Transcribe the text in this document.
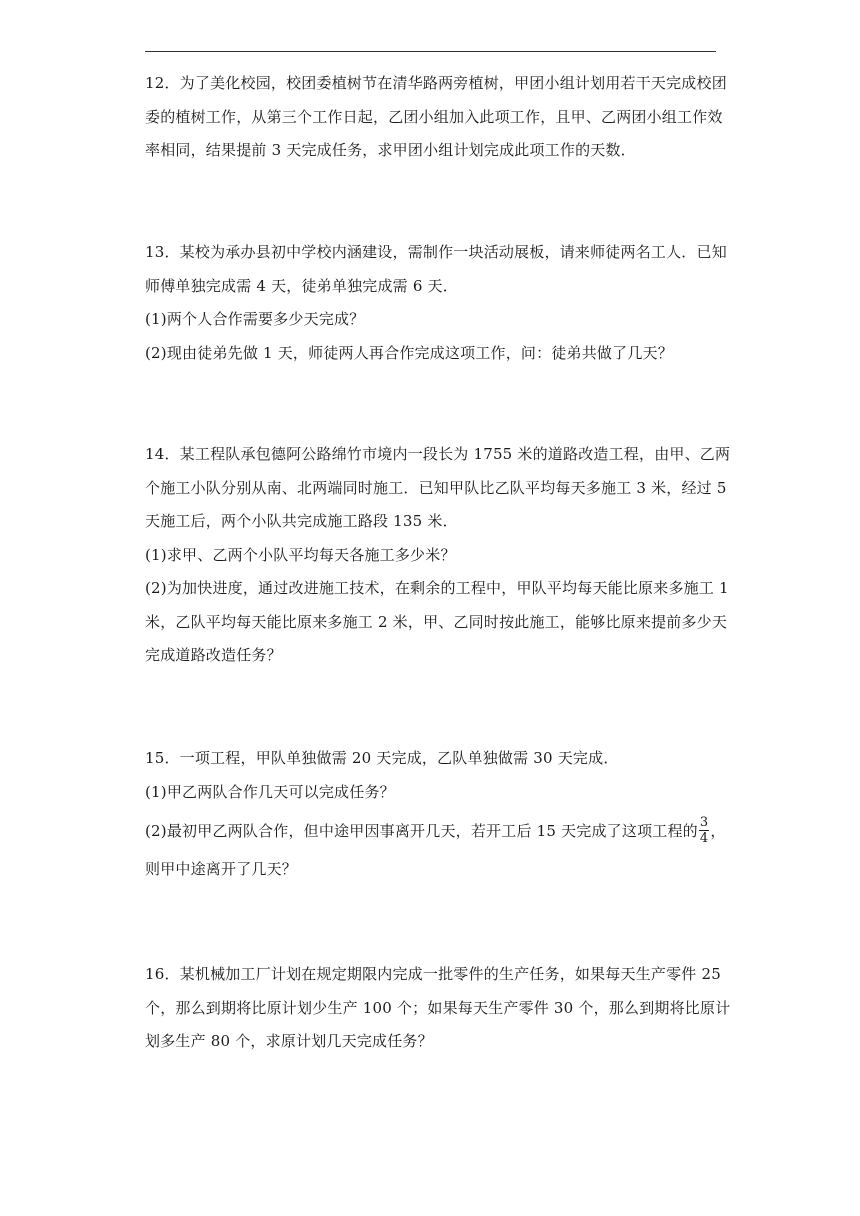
12．为了美化校园，校团委植树节在清华路两旁植树，甲团小组计划用若干天完成校团

委的植树工作，从第三个工作日起，乙团小组加入此项工作，且甲、乙两团小组工作效

率相同，结果提前 3 天完成任务，求甲团小组计划完成此项工作的天数．

13．某校为承办县初中学校内涵建设，需制作一块活动展板，请来师徒两名工人．已知

师傅单独完成需 4 天，徒弟单独完成需 6 天．

(1)两个人合作需要多少天完成？

(2)现由徒弟先做 1 天，师徒两人再合作完成这项工作，问：徒弟共做了几天？

14．某工程队承包德阿公路绵竹市境内一段长为 1755 米的道路改造工程，由甲、乙两

个施工小队分别从南、北两端同时施工．已知甲队比乙队平均每天多施工 3 米，经过 5

天施工后，两个小队共完成施工路段 135 米．

(1)求甲、乙两个小队平均每天各施工多少米？

(2)为加快进度，通过改进施工技术，在剩余的工程中，甲队平均每天能比原来多施工 1

米，乙队平均每天能比原来多施工 2 米，甲、乙同时按此施工，能够比原来提前多少天

完成道路改造任务？

15．一项工程，甲队单独做需 20 天完成，乙队单独做需 30 天完成．

(1)甲乙两队合作几天可以完成任务？

(2)最初甲乙两队合作，但中途甲因事离开几天，若开工后 15 天完成了这项工程的 $\frac{3}{4}$ ，

则甲中途离开了几天？

16．某机械加工厂计划在规定期限内完成一批零件的生产任务，如果每天生产零件 25

个，那么到期将比原计划少生产 100 个；如果每天生产零件 30 个，那么到期将比原计

划多生产 80 个，求原计划几天完成任务？
